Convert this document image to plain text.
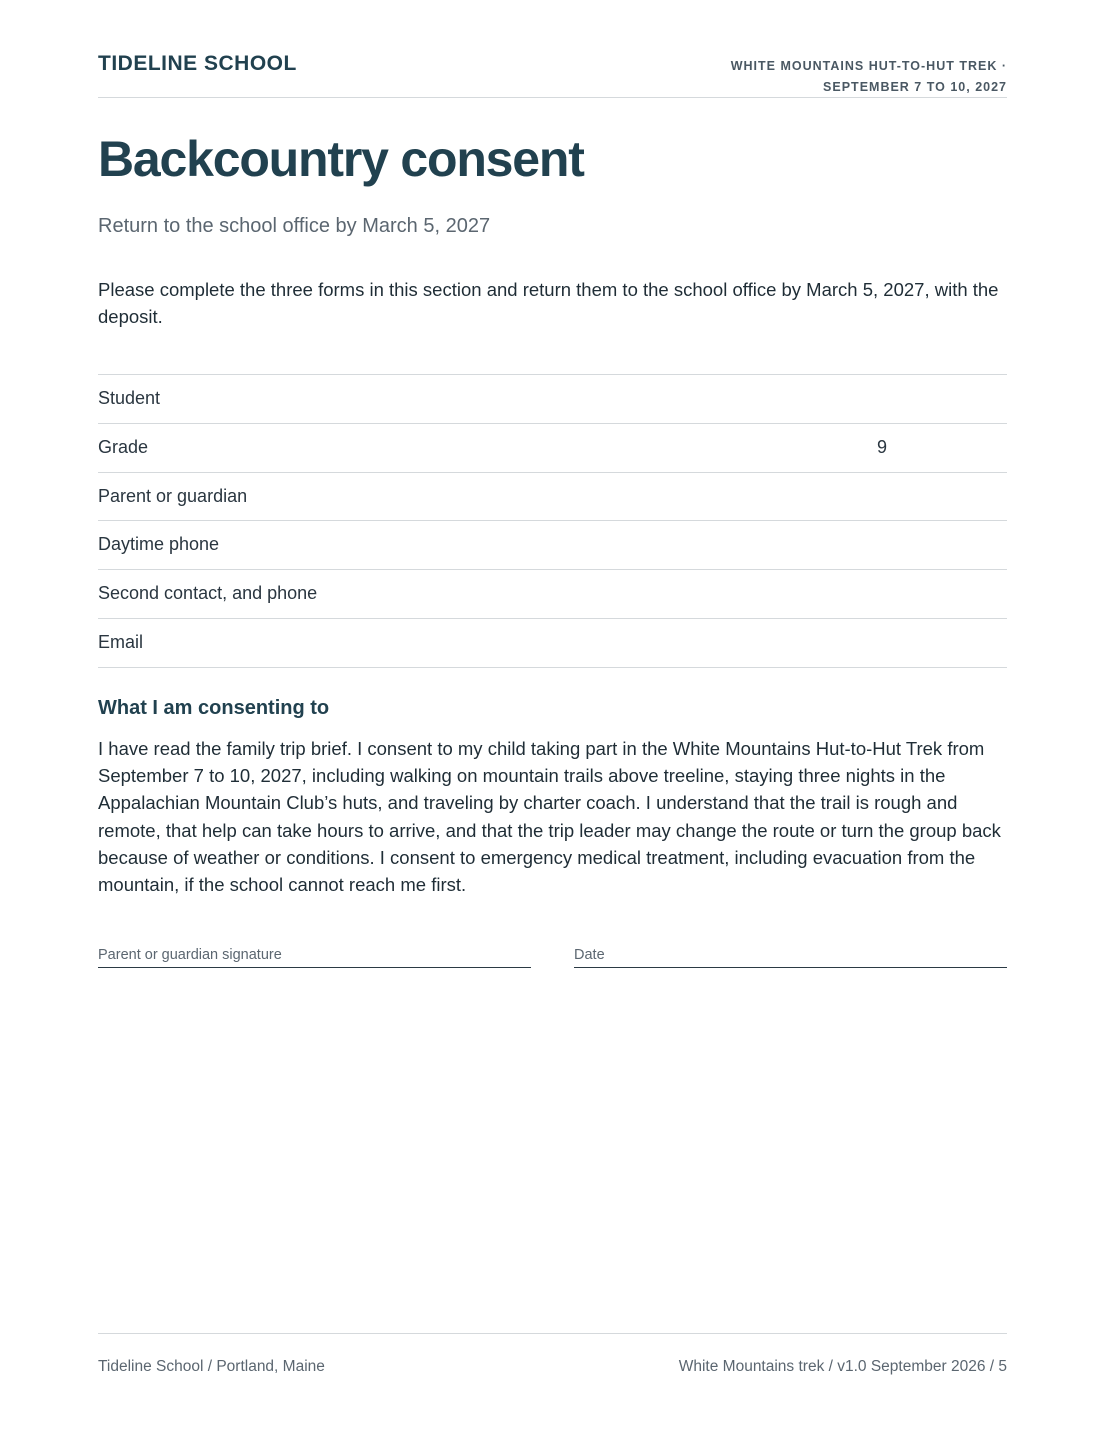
TIDELINE SCHOOL	WHITE MOUNTAINS HUT-TO-HUT TREK ·
SEPTEMBER 7 TO 10, 2027
Backcountry consent
Return to the school office by March 5, 2027
Please complete the three forms in this section and return them to the school office by March 5, 2027, with the deposit.
Student
Grade	9
Parent or guardian
Daytime phone
Second contact, and phone
Email
What I am consenting to
I have read the family trip brief. I consent to my child taking part in the White Mountains Hut-to-Hut Trek from September 7 to 10, 2027, including walking on mountain trails above treeline, staying three nights in the Appalachian Mountain Club’s huts, and traveling by charter coach. I understand that the trail is rough and remote, that help can take hours to arrive, and that the trip leader may change the route or turn the group back because of weather or conditions. I consent to emergency medical treatment, including evacuation from the mountain, if the school cannot reach me first.
Parent or guardian signature	Date
Tideline School / Portland, Maine	White Mountains trek / v1.0 September 2026 / 5
